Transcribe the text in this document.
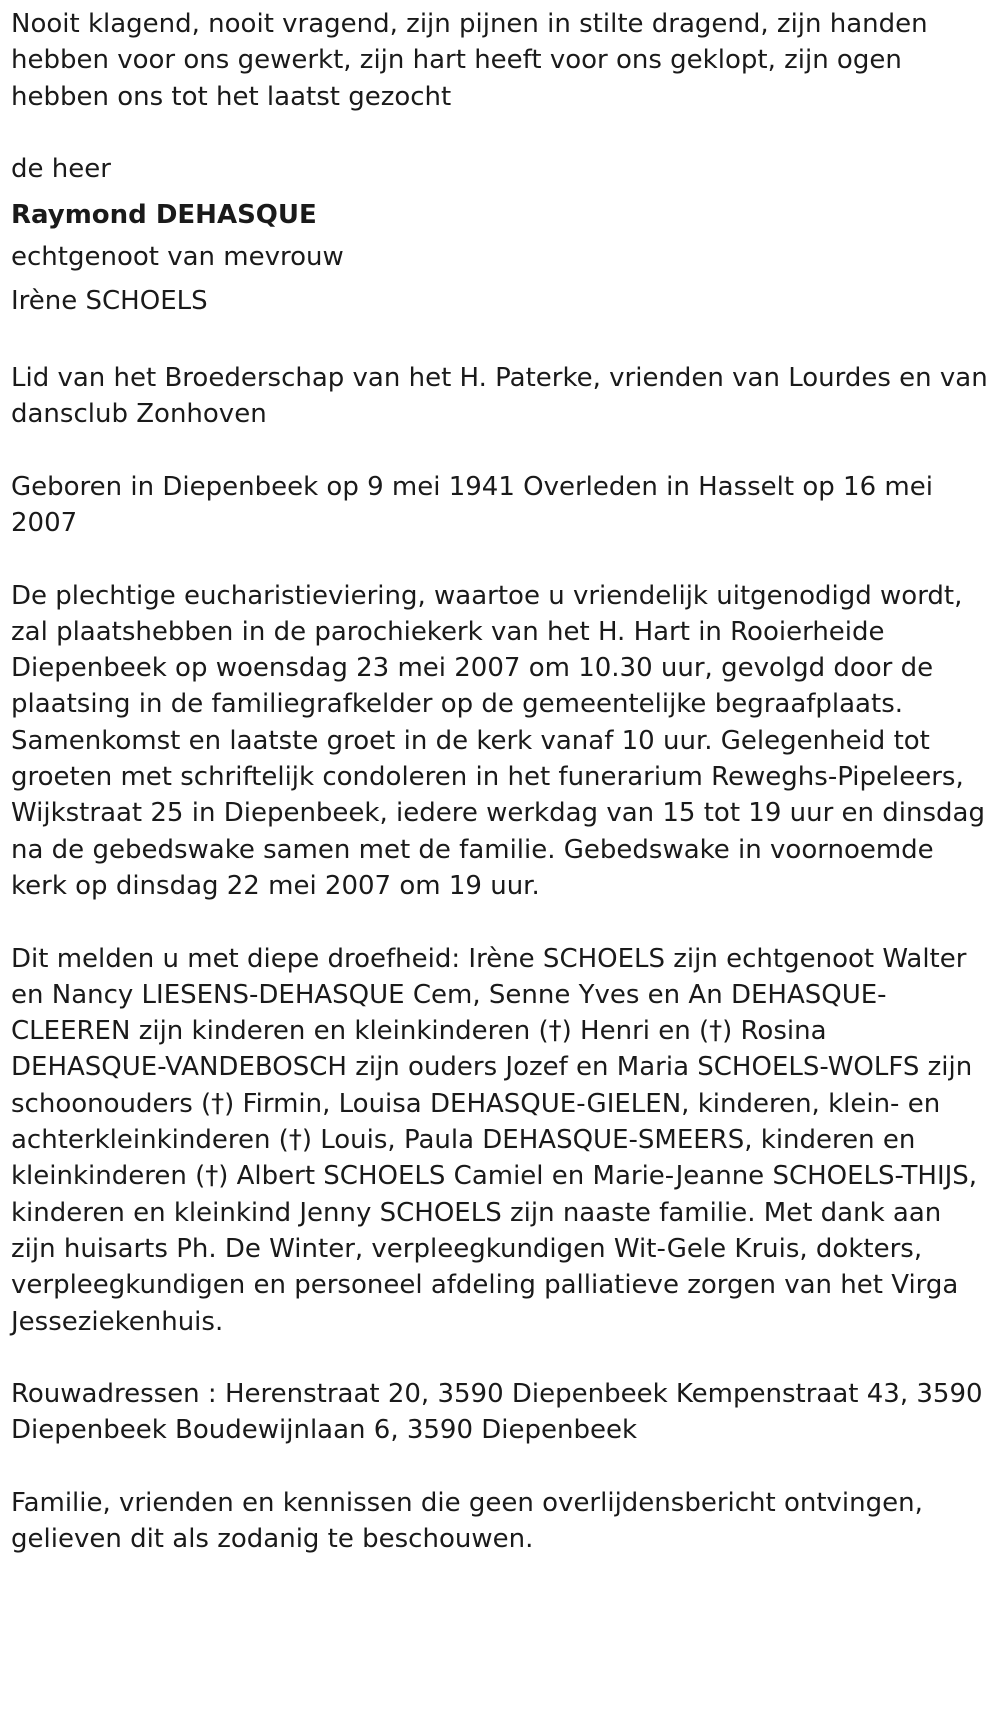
Nooit klagend, nooit vragend, zijn pijnen in stilte dragend, zijn handen hebben voor ons gewerkt, zijn hart heeft voor ons geklopt, zijn ogen hebben ons tot het laatst gezocht

de heer

Raymond DEHASQUE

echtgenoot van mevrouw

Irène SCHOELS

Lid van het Broederschap van het H. Paterke, vrienden van Lourdes en van dansclub Zonhoven

Geboren in Diepenbeek op 9 mei 1941 Overleden in Hasselt op 16 mei 2007

De plechtige eucharistieviering, waartoe u vriendelijk uitgenodigd wordt, zal plaatshebben in de parochiekerk van het H. Hart in Rooierheide Diepenbeek op woensdag 23 mei 2007 om 10.30 uur, gevolgd door de plaatsing in de familiegrafkelder op de gemeentelijke begraafplaats. Samenkomst en laatste groet in de kerk vanaf 10 uur. Gelegenheid tot groeten met schriftelijk condoleren in het funerarium Reweghs-Pipeleers, Wijkstraat 25 in Diepenbeek, iedere werkdag van 15 tot 19 uur en dinsdag na de gebedswake samen met de familie. Gebedswake in voornoemde kerk op dinsdag 22 mei 2007 om 19 uur.

Dit melden u met diepe droefheid: Irène SCHOELS zijn echtgenoot Walter en Nancy LIESENS-DEHASQUE Cem, Senne Yves en An DEHASQUE-CLEEREN zijn kinderen en kleinkinderen (†) Henri en (†) Rosina DEHASQUE-VANDEBOSCH zijn ouders Jozef en Maria SCHOELS-WOLFS zijn schoonouders (†) Firmin, Louisa DEHASQUE-GIELEN, kinderen, klein- en achterkleinkinderen (†) Louis, Paula DEHASQUE-SMEERS, kinderen en kleinkinderen (†) Albert SCHOELS Camiel en Marie-Jeanne SCHOELS-THIJS, kinderen en kleinkind Jenny SCHOELS zijn naaste familie. Met dank aan zijn huisarts Ph. De Winter, verpleegkundigen Wit-Gele Kruis, dokters, verpleegkundigen en personeel afdeling palliatieve zorgen van het Virga Jesseziekenhuis.

Rouwadressen : Herenstraat 20, 3590 Diepenbeek Kempenstraat 43, 3590 Diepenbeek Boudewijnlaan 6, 3590 Diepenbeek

Familie, vrienden en kennissen die geen overlijdensbericht ontvingen, gelieven dit als zodanig te beschouwen.
